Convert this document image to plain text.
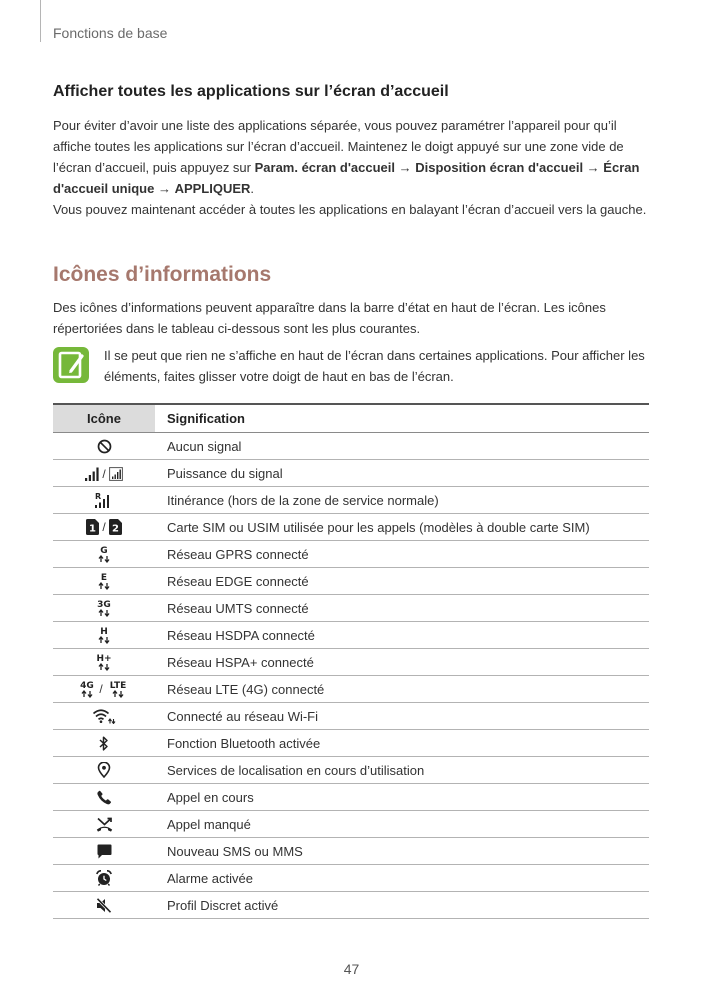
Fonctions de base
Afficher toutes les applications sur l’écran d’accueil

Pour éviter d’avoir une liste des applications séparée, vous pouvez paramétrer l’appareil pour qu’il affiche toutes les applications sur l’écran d’accueil. Maintenez le doigt appuyé sur une zone vide de l’écran d’accueil, puis appuyez sur Param. écran d'accueil → Disposition écran d'accueil → Écran d'accueil unique → APPLIQUER.

Vous pouvez maintenant accéder à toutes les applications en balayant l’écran d’accueil vers la gauche.

Icônes d’informations

Des icônes d’informations peuvent apparaître dans la barre d’état en haut de l’écran. Les icônes répertoriées dans le tableau ci-dessous sont les plus courantes.

Il se peut que rien ne s’affiche en haut de l’écran dans certaines applications. Pour afficher les éléments, faites glisser votre doigt de haut en bas de l’écran.

Icône	Signification
	Aucun signal
/	Puissance du signal

R	Itinérance (hors de la zone de service normale)

1 / 2	Carte SIM ou USIM utilisée pour les appels (modèles à double carte SIM)

G	Réseau GPRS connecté

E	Réseau EDGE connecté

3G	Réseau UMTS connecté

H	Réseau HSDPA connecté

H+	Réseau HSPA+ connecté

4G / LTE	Réseau LTE (4G) connecté
	Connecté au réseau Wi-Fi
	Fonction Bluetooth activée
	Services de localisation en cours d’utilisation
	Appel en cours
	Appel manqué
	Nouveau SMS ou MMS
	Alarme activée
	Profil Discret activé
47
